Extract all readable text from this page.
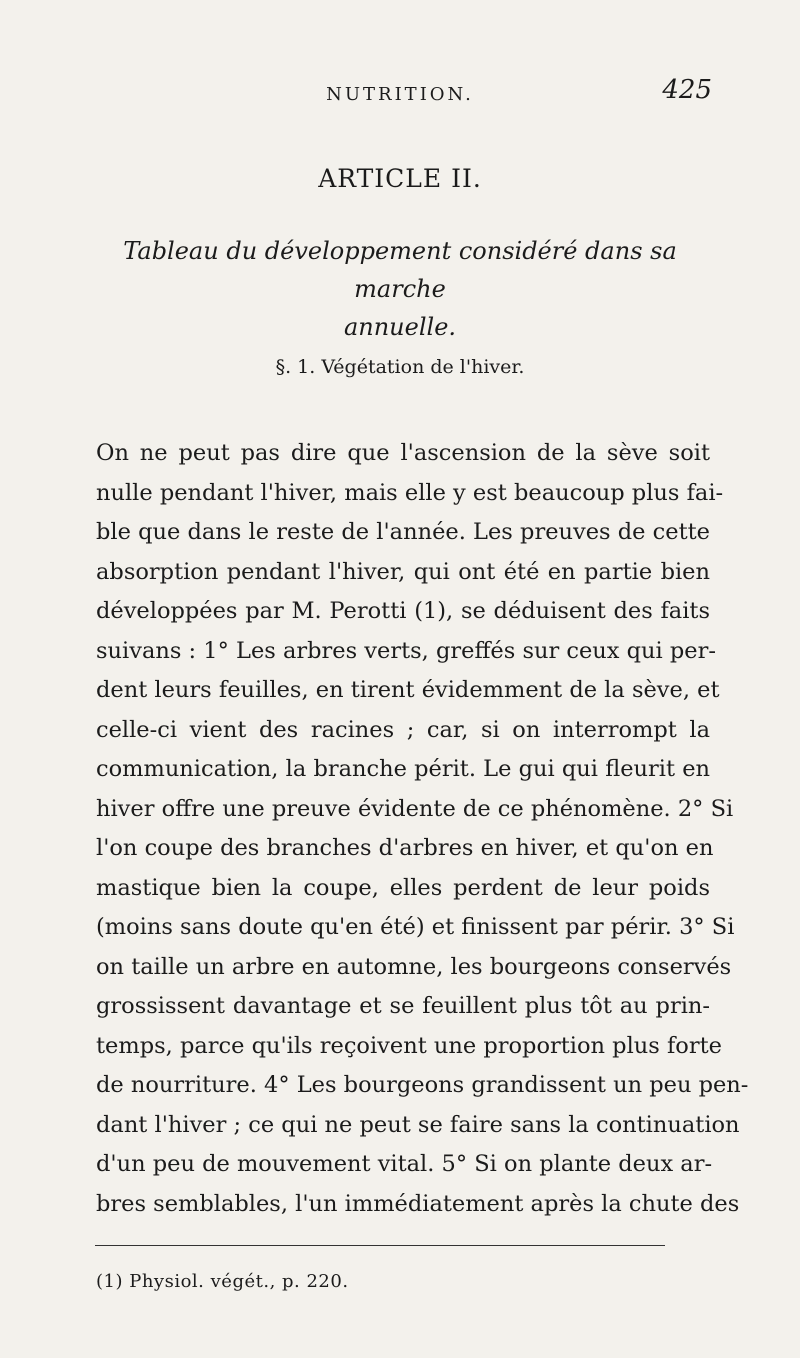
NUTRITION.	425
ARTICLE II.
Tableau du développement considéré dans sa marche
annuelle.
§. 1. Végétation de l'hiver.
On ne peut pas dire que l'ascension de la sève soit
nulle pendant l'hiver, mais elle y est beaucoup plus fai-
ble que dans le reste de l'année. Les preuves de cette
absorption pendant l'hiver, qui ont été en partie bien
développées par M. Perotti (1), se déduisent des faits
suivans : 1° Les arbres verts, greffés sur ceux qui per-
dent leurs feuilles, en tirent évidemment de la sève, et
celle-ci vient des racines ; car, si on interrompt la
communication, la branche périt. Le gui qui fleurit en
hiver offre une preuve évidente de ce phénomène. 2° Si
l'on coupe des branches d'arbres en hiver, et qu'on en
mastique bien la coupe, elles perdent de leur poids
(moins sans doute qu'en été) et finissent par périr. 3° Si
on taille un arbre en automne, les bourgeons conservés
grossissent davantage et se feuillent plus tôt au prin-
temps, parce qu'ils reçoivent une proportion plus forte
de nourriture. 4° Les bourgeons grandissent un peu pen-
dant l'hiver ; ce qui ne peut se faire sans la continuation
d'un peu de mouvement vital. 5° Si on plante deux ar-
bres semblables, l'un immédiatement après la chute des
(1) Physiol. végét., p. 220.
